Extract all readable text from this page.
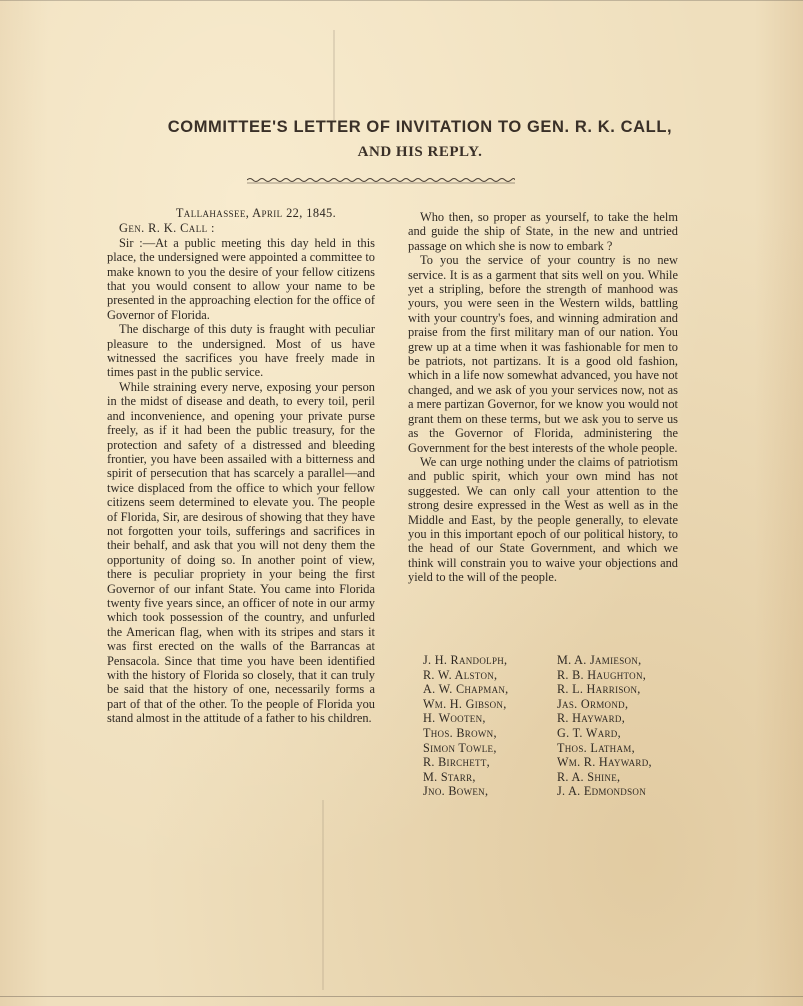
COMMITTEE'S LETTER OF INVITATION TO GEN. R. K. CALL,
AND HIS REPLY.

Tallahassee, April 22, 1845.

Gen. R. K. Call :

Sir :—At a public meeting this day held in this place, the undersigned were appointed a committee to make known to you the desire of your fellow citizens that you would consent to allow your name to be presented in the approaching election for the office of Governor of Florida.

The discharge of this duty is fraught with peculiar pleasure to the undersigned. Most of us have witnessed the sacrifices you have freely made in times past in the public service.

While straining every nerve, exposing your person in the midst of disease and death, to every toil, peril and inconvenience, and opening your private purse freely, as if it had been the public treasury, for the protection and safety of a distressed and bleeding frontier, you have been assailed with a bitterness and spirit of persecution that has scarcely a parallel—and twice displaced from the office to which your fellow citizens seem determined to elevate you. The people of Florida, Sir, are desirous of showing that they have not forgotten your toils, sufferings and sacrifices in their behalf, and ask that you will not deny them the opportunity of doing so. In another point of view, there is peculiar propriety in your being the first Governor of our infant State. You came into Florida twenty five years since, an officer of note in our army which took possession of the country, and unfurled the American flag, when with its stripes and stars it was first erected on the walls of the Barrancas at Pensacola. Since that time you have been identified with the history of Florida so closely, that it can truly be said that the history of one, necessarily forms a part of that of the other. To the people of Florida you stand almost in the attitude of a father to his children.

Who then, so proper as yourself, to take the helm and guide the ship of State, in the new and untried passage on which she is now to embark ?

To you the service of your country is no new service. It is as a garment that sits well on you. While yet a stripling, before the strength of manhood was yours, you were seen in the Western wilds, battling with your country's foes, and winning admiration and praise from the first military man of our nation. You grew up at a time when it was fashionable for men to be patriots, not partizans. It is a good old fashion, which in a life now somewhat advanced, you have not changed, and we ask of you your services now, not as a mere partizan Governor, for we know you would not grant them on these terms, but we ask you to serve us as the Governor of Florida, administering the Government for the best interests of the whole people.

We can urge nothing under the claims of patriotism and public spirit, which your own mind has not suggested. We can only call your attention to the strong desire expressed in the West as well as in the Middle and East, by the people generally, to elevate you in this important epoch of our political history, to the head of our State Government, and which we think will constrain you to waive your objections and yield to the will of the people.

J. H. Randolph,	M. A. Jamieson,
R. W. Alston,	R. B. Haughton,
A. W. Chapman,	R. L. Harrison,
Wm. H. Gibson,	Jas. Ormond,
H. Wooten,	R. Hayward,
Thos. Brown,	G. T. Ward,
Simon Towle,	Thos. Latham,
R. Birchett,	Wm. R. Hayward,
M. Starr,	R. A. Shine,
Jno. Bowen,	J. A. Edmondson
